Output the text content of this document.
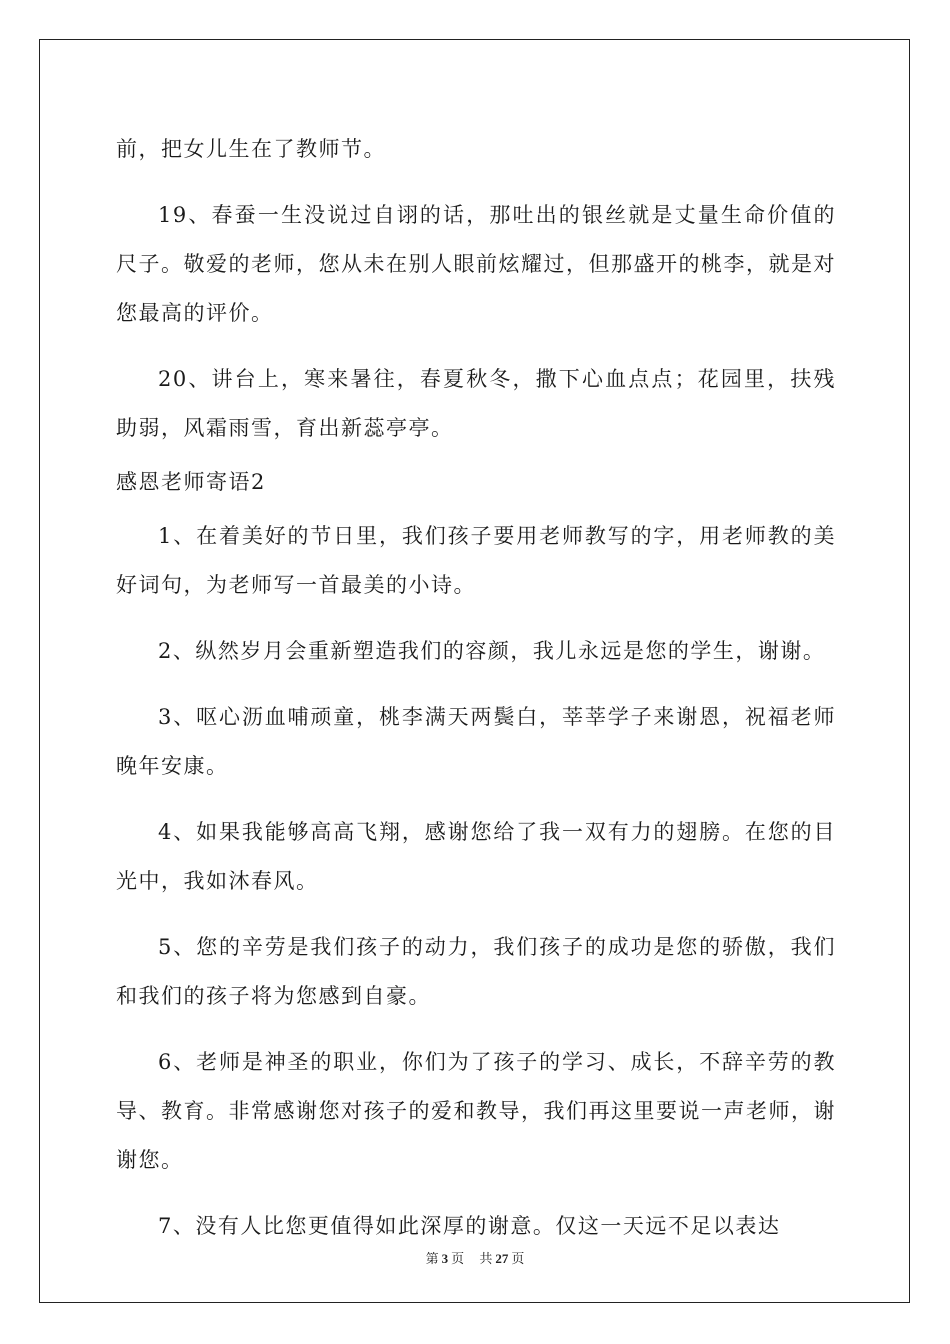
前，把女儿生在了教师节。

19、春蚕一生没说过自诩的话，那吐出的银丝就是丈量生命价值的尺子。敬爱的老师，您从未在别人眼前炫耀过，但那盛开的桃李，就是对您最高的评价。

20、讲台上，寒来暑往，春夏秋冬，撒下心血点点；花园里，扶残助弱，风霜雨雪，育出新蕊亭亭。

感恩老师寄语2

1、在着美好的节日里，我们孩子要用老师教写的字，用老师教的美好词句，为老师写一首最美的小诗。

2、纵然岁月会重新塑造我们的容颜，我儿永远是您的学生，谢谢。

3、呕心沥血哺顽童，桃李满天两鬓白，莘莘学子来谢恩，祝福老师晚年安康。

4、如果我能够高高飞翔，感谢您给了我一双有力的翅膀。在您的目光中，我如沐春风。

5、您的辛劳是我们孩子的动力，我们孩子的成功是您的骄傲，我们和我们的孩子将为您感到自豪。

6、老师是神圣的职业，你们为了孩子的学习、成长，不辞辛劳的教导、教育。非常感谢您对孩子的爱和教导，我们再这里要说一声老师，谢谢您。

7、没有人比您更值得如此深厚的谢意。仅这一天远不足以表达

第 3 页 共 27 页
